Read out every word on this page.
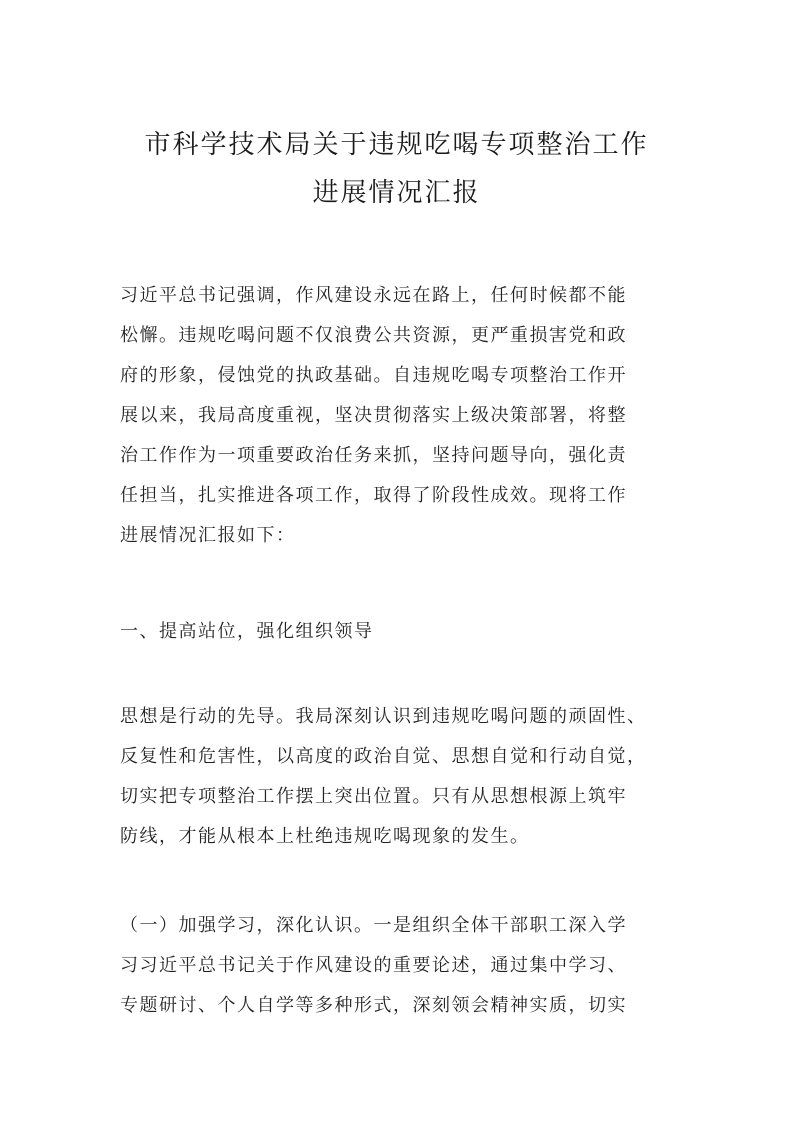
市科学技术局关于违规吃喝专项整治工作
进展情况汇报
习近平总书记强调，作风建设永远在路上，任何时候都不能
松懈。违规吃喝问题不仅浪费公共资源，更严重损害党和政
府的形象，侵蚀党的执政基础。自违规吃喝专项整治工作开
展以来，我局高度重视，坚决贯彻落实上级决策部署，将整
治工作作为一项重要政治任务来抓，坚持问题导向，强化责
任担当，扎实推进各项工作，取得了阶段性成效。现将工作
进展情况汇报如下：
一、提高站位，强化组织领导
思想是行动的先导。我局深刻认识到违规吃喝问题的顽固性、
反复性和危害性，以高度的政治自觉、思想自觉和行动自觉，
切实把专项整治工作摆上突出位置。只有从思想根源上筑牢
防线，才能从根本上杜绝违规吃喝现象的发生。
（一）加强学习，深化认识。一是组织全体干部职工深入学
习习近平总书记关于作风建设的重要论述，通过集中学习、
专题研讨、个人自学等多种形式，深刻领会精神实质，切实
